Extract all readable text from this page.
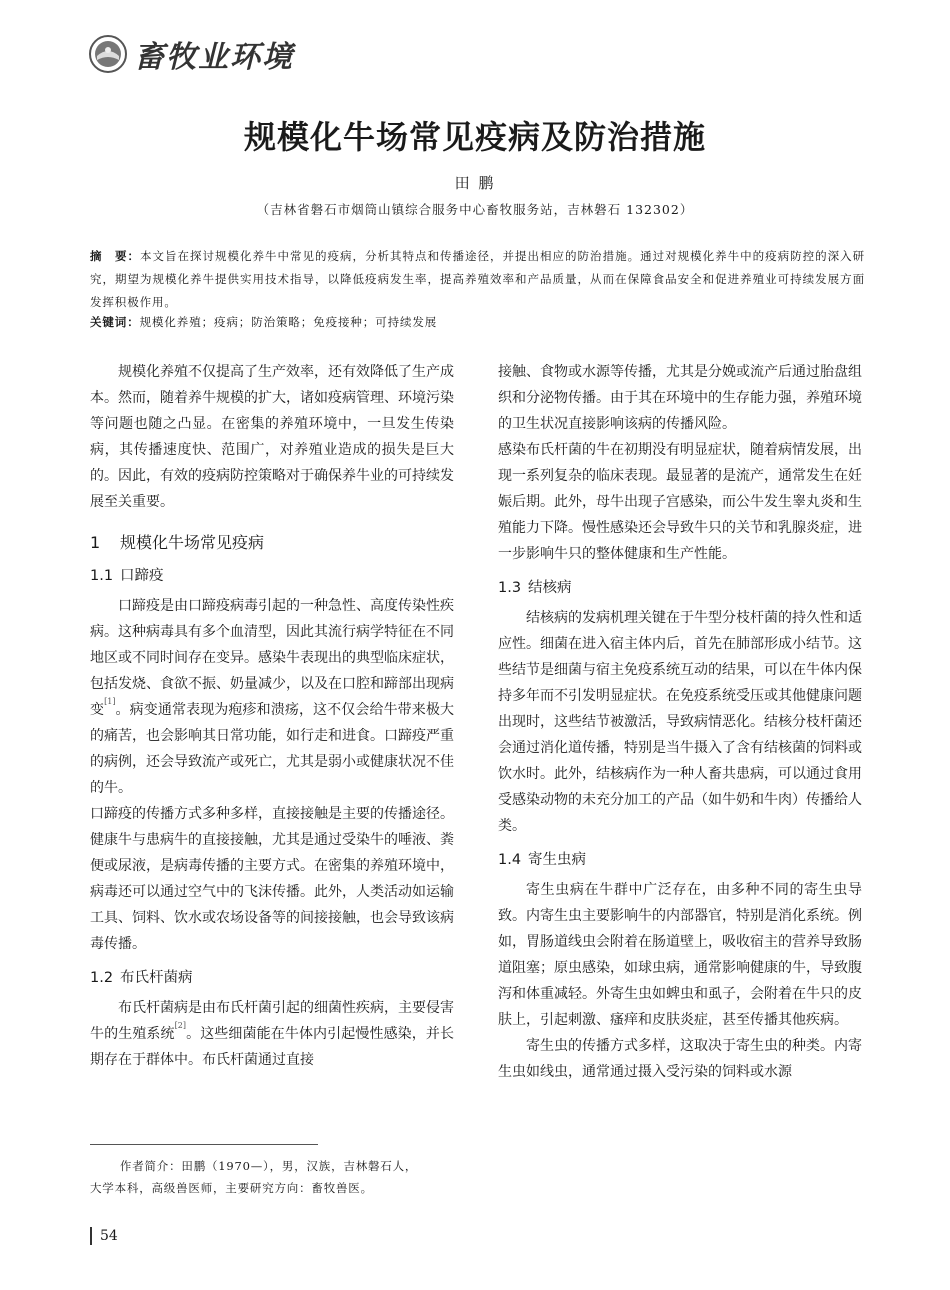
畜牧业环境
规模化牛场常见疫病及防治措施
田 鹏
（吉林省磐石市烟筒山镇综合服务中心畜牧服务站，吉林磐石 132302）
摘　要：本文旨在探讨规模化养牛中常见的疫病，分析其特点和传播途径，并提出相应的防治措施。通过对规模化养牛中的疫病防控的深入研究，期望为规模化养牛提供实用技术指导，以降低疫病发生率，提高养殖效率和产品质量，从而在保障食品安全和促进养殖业可持续发展方面发挥积极作用。
关键词：规模化养殖；疫病；防治策略；免疫接种；可持续发展

规模化养殖不仅提高了生产效率，还有效降低了生产成本。然而，随着养牛规模的扩大，诸如疫病管理、环境污染等问题也随之凸显。在密集的养殖环境中，一旦发生传染病，其传播速度快、范围广，对养殖业造成的损失是巨大的。因此，有效的疫病防控策略对于确保养牛业的可持续发展至关重要。

1 规模化牛场常见疫病
1.1 口蹄疫

口蹄疫是由口蹄疫病毒引起的一种急性、高度传染性疾病。这种病毒具有多个血清型，因此其流行病学特征在不同地区或不同时间存在变异。感染牛表现出的典型临床症状，包括发烧、食欲不振、奶量减少，以及在口腔和蹄部出现病变[1]。病变通常表现为疱疹和溃疡，这不仅会给牛带来极大的痛苦，也会影响其日常功能，如行走和进食。口蹄疫严重的病例，还会导致流产或死亡，尤其是弱小或健康状况不佳的牛。

口蹄疫的传播方式多种多样，直接接触是主要的传播途径。健康牛与患病牛的直接接触，尤其是通过受染牛的唾液、粪便或尿液，是病毒传播的主要方式。在密集的养殖环境中，病毒还可以通过空气中的飞沫传播。此外，人类活动如运输工具、饲料、饮水或农场设备等的间接接触，也会导致该病毒传播。

1.2 布氏杆菌病

布氏杆菌病是由布氏杆菌引起的细菌性疾病，主要侵害牛的生殖系统[2]。这些细菌能在牛体内引起慢性感染，并长期存在于群体中。布氏杆菌通过直接

接触、食物或水源等传播，尤其是分娩或流产后通过胎盘组织和分泌物传播。由于其在环境中的生存能力强，养殖环境的卫生状况直接影响该病的传播风险。

感染布氏杆菌的牛在初期没有明显症状，随着病情发展，出现一系列复杂的临床表现。最显著的是流产，通常发生在妊娠后期。此外，母牛出现子宫感染，而公牛发生睾丸炎和生殖能力下降。慢性感染还会导致牛只的关节和乳腺炎症，进一步影响牛只的整体健康和生产性能。

1.3 结核病

结核病的发病机理关键在于牛型分枝杆菌的持久性和适应性。细菌在进入宿主体内后，首先在肺部形成小结节。这些结节是细菌与宿主免疫系统互动的结果，可以在牛体内保持多年而不引发明显症状。在免疫系统受压或其他健康问题出现时，这些结节被激活，导致病情恶化。结核分枝杆菌还会通过消化道传播，特别是当牛摄入了含有结核菌的饲料或饮水时。此外，结核病作为一种人畜共患病，可以通过食用受感染动物的未充分加工的产品（如牛奶和牛肉）传播给人类。

1.4 寄生虫病

寄生虫病在牛群中广泛存在，由多种不同的寄生虫导致。内寄生虫主要影响牛的内部器官，特别是消化系统。例如，胃肠道线虫会附着在肠道壁上，吸收宿主的营养导致肠道阻塞；原虫感染，如球虫病，通常影响健康的牛，导致腹泻和体重减轻。外寄生虫如蜱虫和虱子，会附着在牛只的皮肤上，引起刺激、瘙痒和皮肤炎症，甚至传播其他疾病。

寄生虫的传播方式多样，这取决于寄生虫的种类。内寄生虫如线虫，通常通过摄入受污染的饲料或水源

作者简介：田鹏（1970—），男，汉族，吉林磐石人，
大学本科，高级兽医师，主要研究方向：畜牧兽医。
54
